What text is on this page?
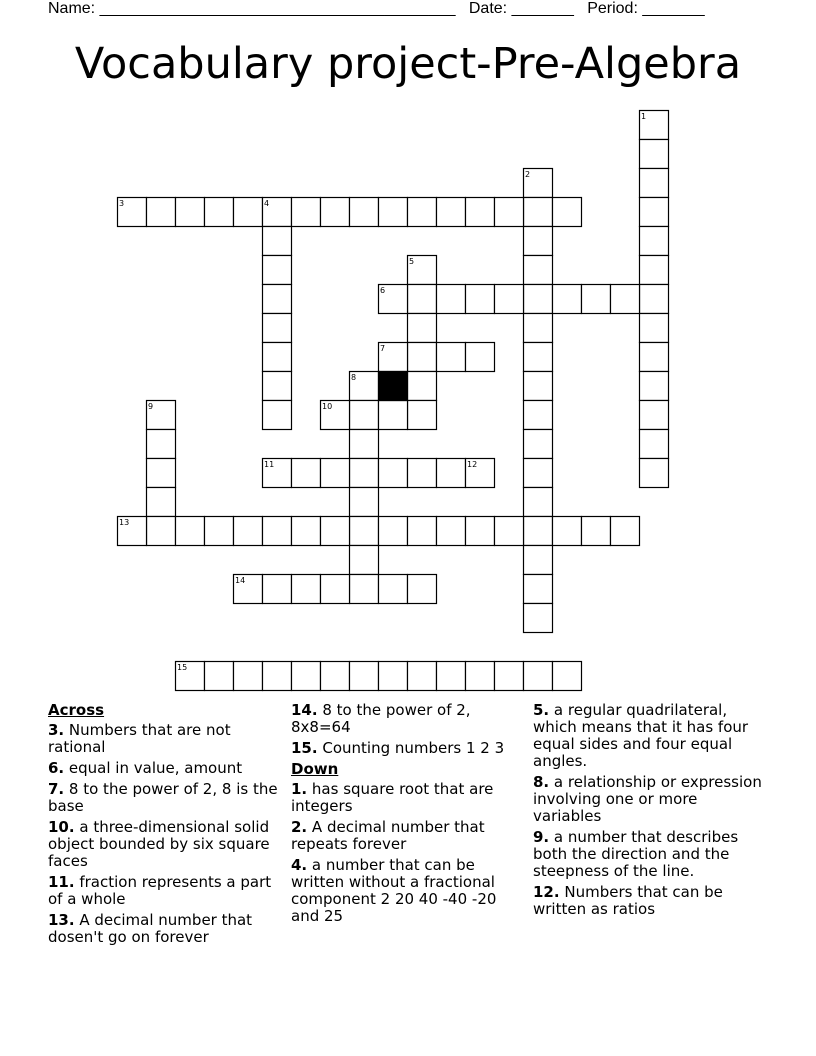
Name: ________________________________________ Date: _______ Period: _______
Vocabulary project-Pre-Algebra
1
2
3	4
5
6
7
8
9	10
11	12
13
14
15
Across
3. Numbers that are not rational
6. equal in value, amount
7. 8 to the power of 2, 8 is the base
10. a three-dimensional solid object bounded by six square faces
11. fraction represents a part of a whole
13. A decimal number that dosen't go on forever
14. 8 to the power of 2, 8x8=64
15. Counting numbers 1 2 3
Down
1. has square root that are integers
2. A decimal number that repeats forever
4. a number that can be written without a fractional component 2 20 40 -40 -20 and 25
5. a regular quadrilateral, which means that it has four equal sides and four equal angles.
8. a relationship or expression involving one or more variables
9. a number that describes both the direction and the steepness of the line.
12. Numbers that can be written as ratios
